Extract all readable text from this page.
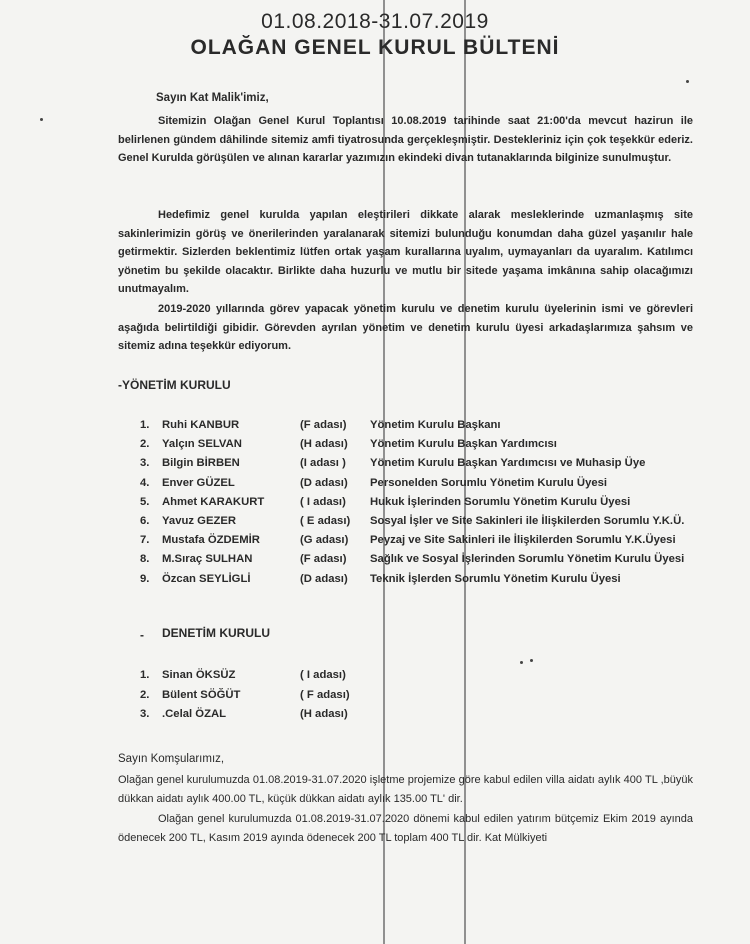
01.08.2018-31.07.2019
OLAĞAN GENEL KURUL BÜLTENİ
Sayın Kat Malik'imiz,
Sitemizin Olağan Genel Kurul Toplantısı 10.08.2019 tarihinde saat 21:00'da mevcut hazirun ile belirlenen gündem dâhilinde sitemiz amfi tiyatrosunda gerçekleşmiştir. Destekleriniz için çok teşekkür ederiz. Genel Kurulda görüşülen ve alınan kararlar yazımızın ekindeki divan tutanaklarında bilginize sunulmuştur.
Hedefimiz genel kurulda yapılan eleştirileri dikkate alarak mesleklerinde uzmanlaşmış site sakinlerimizin görüş ve önerilerinden yaralanarak sitemizi bulunduğu konumdan daha güzel yaşanılır hale getirmektir. Sizlerden beklentimiz lütfen ortak yaşam kurallarına uyalım, uymayanları da uyaralım. Katılımcı yönetim bu şekilde olacaktır. Birlikte daha huzurlu ve mutlu bir sitede yaşama imkânına sahip olacağımızı unutmayalım.
2019-2020 yıllarında görev yapacak yönetim kurulu ve denetim kurulu üyelerinin ismi ve görevleri aşağıda belirtildiği gibidir. Görevden ayrılan yönetim ve denetim kurulu üyesi arkadaşlarımıza şahsım ve sitemiz adına teşekkür ediyorum.
-YÖNETİM KURULU
1.	Ruhi KANBUR	(F adası)	Yönetim Kurulu Başkanı
2.	Yalçın SELVAN	(H adası)	Yönetim Kurulu Başkan Yardımcısı
3.	Bilgin BİRBEN	(I adası )	Yönetim Kurulu Başkan Yardımcısı ve Muhasip Üye
4.	Enver GÜZEL	(D adası)	Personelden Sorumlu Yönetim Kurulu Üyesi
5.	Ahmet KARAKURT	( I adası)	Hukuk İşlerinden Sorumlu Yönetim Kurulu Üyesi
6.	Yavuz GEZER	( E adası)	Sosyal İşler ve Site Sakinleri ile İlişkilerden Sorumlu Y.K.Ü.
7.	Mustafa ÖZDEMİR	(G adası)	Peyzaj ve Site Sakinleri ile İlişkilerden Sorumlu Y.K.Üyesi
8.	M.Sıraç SULHAN	(F adası)	Sağlık ve Sosyal İşlerinden Sorumlu Yönetim Kurulu Üyesi
9.	Özcan SEYLİGLİ	(D adası)	Teknik İşlerden Sorumlu Yönetim Kurulu Üyesi
- DENETİM KURULU
1.	Sinan ÖKSÜZ	( I adası)
2.	Bülent SÖĞÜT	( F adası)
3.	.Celal ÖZAL	(H adası)
Sayın Komşularımız,
Olağan genel kurulumuzda 01.08.2019-31.07.2020 işletme projemize göre kabul edilen villa aidatı aylık 400 TL ,büyük dükkan aidatı aylık 400.00 TL, küçük dükkan aidatı aylık 135.00 TL' dir.
Olağan genel kurulumuzda 01.08.2019-31.07.2020 dönemi kabul edilen yatırım bütçemiz Ekim 2019 ayında ödenecek 200 TL, Kasım 2019 ayında ödenecek 200 TL toplam 400 TL dir. Kat Mülkiyeti
